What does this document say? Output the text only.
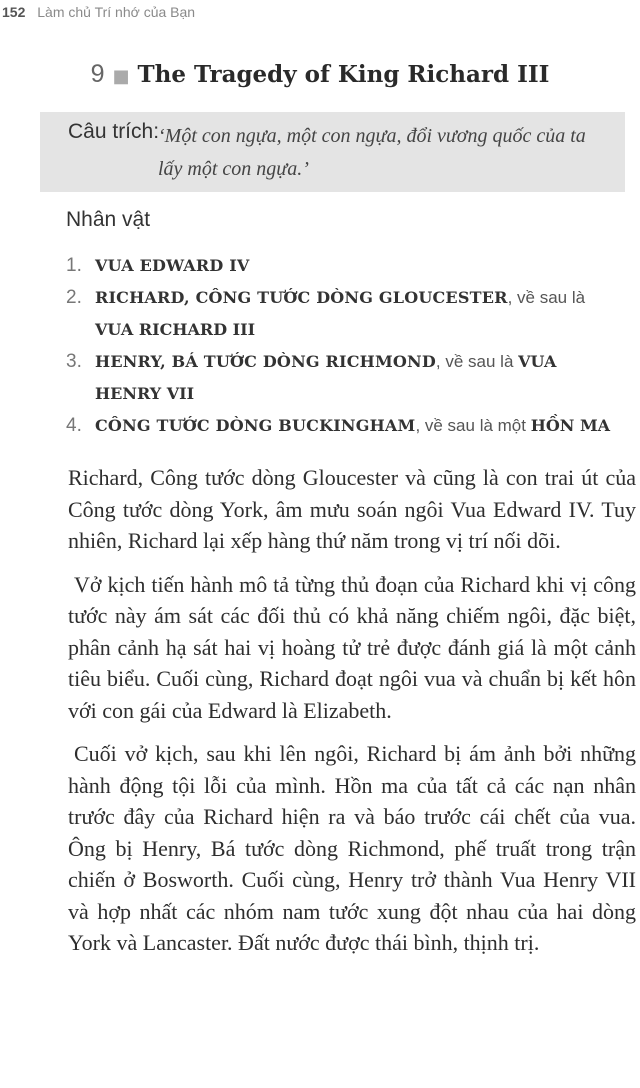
152 Làm chủ Trí nhớ của Bạn
9 ■ The Tragedy of King Richard III
Câu trích:
‘Một con ngựa, một con ngựa, đổi vương quốc của ta lấy một con ngựa.’
Nhân vật
1. VUA EDWARD IV
2. RICHARD, CÔNG TƯỚC DÒNG GLOUCESTER, về sau là VUA RICHARD III
3. HENRY, BÁ TƯỚC DÒNG RICHMOND, về sau là VUA HENRY VII
4. CÔNG TƯỚC DÒNG BUCKINGHAM, về sau là một HỒN MA

Richard, Công tước dòng Gloucester và cũng là con trai út của Công tước dòng York, âm mưu soán ngôi Vua Edward IV. Tuy nhiên, Richard lại xếp hàng thứ năm trong vị trí nối dõi.

Vở kịch tiến hành mô tả từng thủ đoạn của Richard khi vị công tước này ám sát các đối thủ có khả năng chiếm ngôi, đặc biệt, phân cảnh hạ sát hai vị hoàng tử trẻ được đánh giá là một cảnh tiêu biểu. Cuối cùng, Richard đoạt ngôi vua và chuẩn bị kết hôn với con gái của Edward là Elizabeth.

Cuối vở kịch, sau khi lên ngôi, Richard bị ám ảnh bởi những hành động tội lỗi của mình. Hồn ma của tất cả các nạn nhân trước đây của Richard hiện ra và báo trước cái chết của vua. Ông bị Henry, Bá tước dòng Richmond, phế truất trong trận chiến ở Bosworth. Cuối cùng, Henry trở thành Vua Henry VII và hợp nhất các nhóm nam tước xung đột nhau của hai dòng York và Lancaster. Đất nước được thái bình, thịnh trị.
